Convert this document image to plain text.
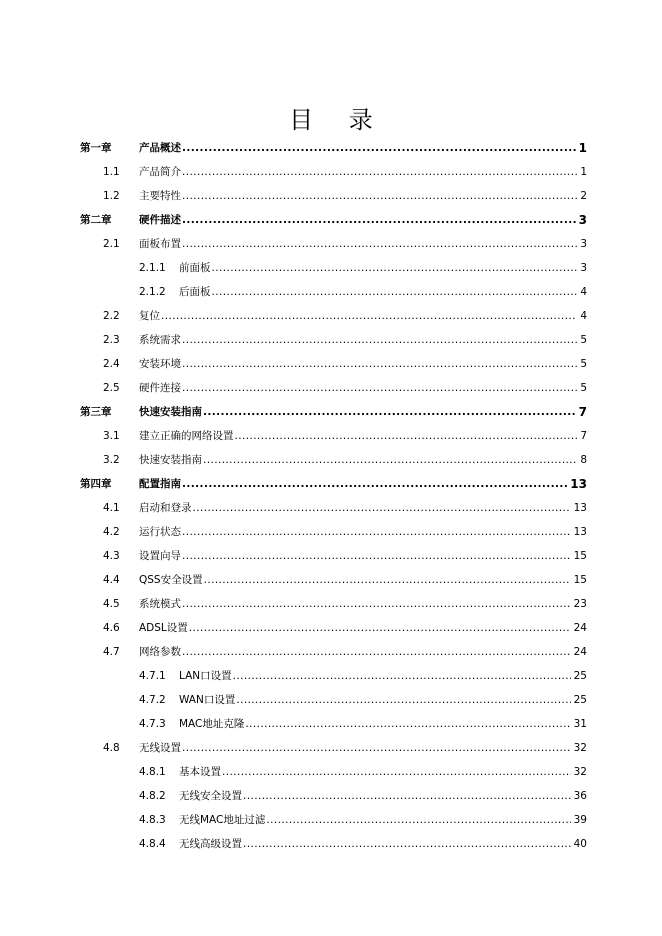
目 录
第一章	产品概述 .....	1
1.1 产品简介 .....	1
1.2 主要特性 .....	2
第二章	硬件描述 .....	3
2.1 面板布置 .....	3
2.1.1 前面板 .....	3
2.1.2 后面板 .....	4
2.2 复位 .....	4
2.3 系统需求 .....	5
2.4 安装环境 .....	5
2.5 硬件连接 .....	5
第三章	快速安装指南 .....	7
3.1 建立正确的网络设置 .....	7
3.2 快速安装指南 .....	8
第四章	配置指南 .....	13
4.1 启动和登录 .....	13
4.2 运行状态 .....	13
4.3 设置向导 .....	15
4.4 QSS安全设置 .....	15
4.5 系统模式 .....	23
4.6 ADSL设置 .....	24
4.7 网络参数 .....	24
4.7.1 LAN口设置 .....	25
4.7.2 WAN口设置 .....	25
4.7.3 MAC地址克隆 .....	31
4.8 无线设置 .....	32
4.8.1 基本设置 .....	32
4.8.2 无线安全设置 .....	36
4.8.3 无线MAC地址过滤 .....	39
4.8.4 无线高级设置 .....	40
